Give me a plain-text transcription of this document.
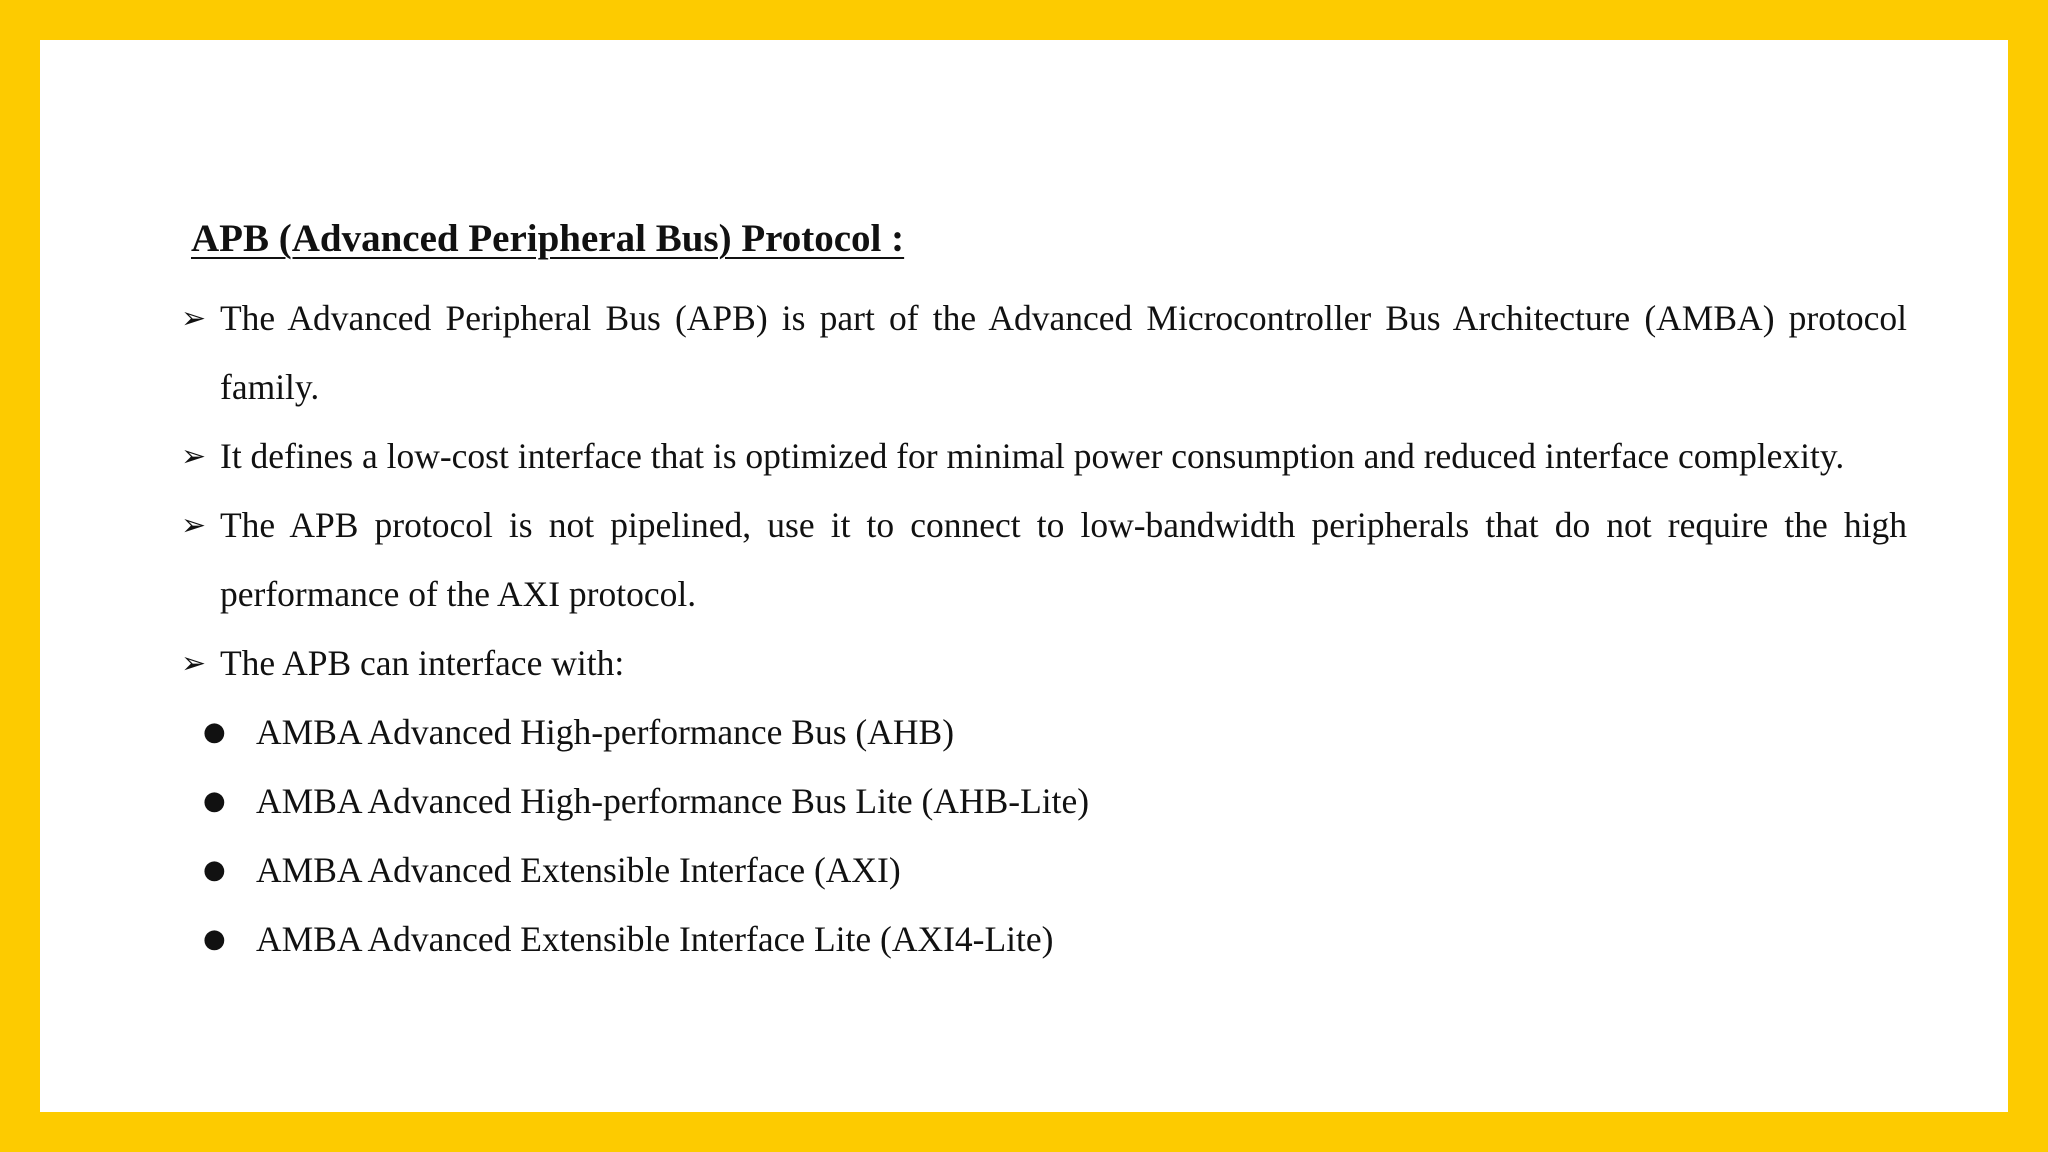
APB (Advanced Peripheral Bus) Protocol :
➢ The Advanced Peripheral Bus (APB) is part of the Advanced Microcontroller Bus Architecture (AMBA) protocol family.
➢ It defines a low-cost interface that is optimized for minimal power consumption and reduced interface complexity.
➢ The APB protocol is not pipelined, use it to connect to low-bandwidth peripherals that do not require the high performance of the AXI protocol.
➢ The APB can interface with:
● AMBA Advanced High-performance Bus (AHB)
● AMBA Advanced High-performance Bus Lite (AHB-Lite)
● AMBA Advanced Extensible Interface (AXI)
● AMBA Advanced Extensible Interface Lite (AXI4-Lite)
